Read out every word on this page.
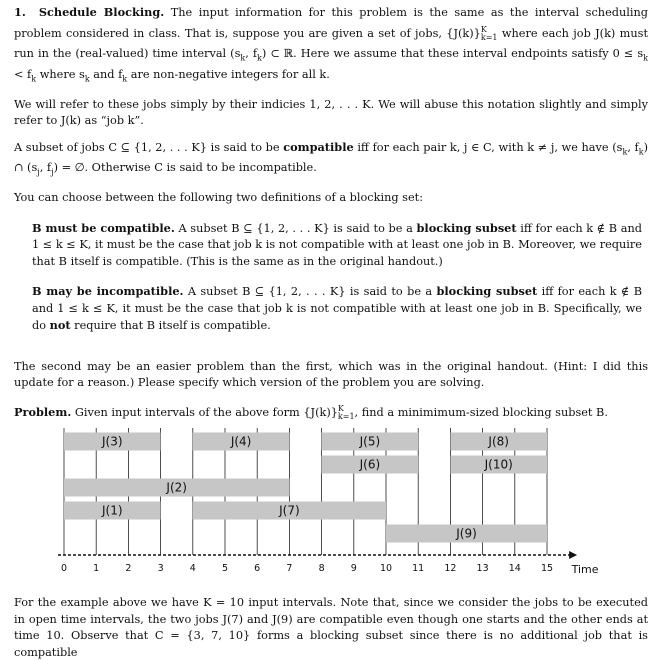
1. Schedule Blocking. The input information for this problem is the same as the interval scheduling problem considered in class. That is, suppose you are given a set of jobs, $\{J(k)\}^K_{k=1}$ where each job J(k) must run in the (real-valued) time interval ($s_k$, $f_k$) ⊂ ℝ. Here we assume that these interval endpoints satisfy $0 \le s_k < f_k$ where $s_k$ and $f_k$ are non-negative integers for all k.

We will refer to these jobs simply by their indicies 1, 2, . . . K. We will abuse this notation slightly and simply refer to J(k) as “job k”.

A subset of jobs C ⊆ {1, 2, . . . K} is said to be compatible iff for each pair k, j ∈ C, with k ≠ j, we have ($s_k$, $f_k$) ∩ ($s_j$, $f_j$) = ∅. Otherwise C is said to be incompatible.

You can choose between the following two definitions of a blocking set:

B must be compatible. A subset B ⊆ {1, 2, . . . K} is said to be a blocking subset iff for each k ∉ B and 1 ≤ k ≤ K, it must be the case that job k is not compatible with at least one job in B. Moreover, we require that B itself is compatible. (This is the same as in the original handout.)

B may be incompatible. A subset B ⊆ {1, 2, . . . K} is said to be a blocking subset iff for each k ∉ B and 1 ≤ k ≤ K, it must be the case that job k is not compatible with at least one job in B. Specifically, we do not require that B itself is compatible.

The second may be an easier problem than the first, which was in the original handout. (Hint: I did this update for a reason.) Please specify which version of the problem you are solving.

Problem. Given input intervals of the above form $\{J(k)\}^K_{k=1}$, find a minimimum-sized blocking subset B.

J(1)
J(2)
J(3)	J(4)	J(5)
J(6)
J(7)
J(8)
J(9)
J(10)
0	1	2	3	4	5	6	7	8	9 10 11 12 13 14 15 Time

For the example above we have K = 10 input intervals. Note that, since we consider the jobs to be executed in open time intervals, the two jobs J(7) and J(9) are compatible even though one starts and the other ends at time 10. Observe that C = {3, 7, 10} forms a blocking subset since there is no additional job that is compatible
